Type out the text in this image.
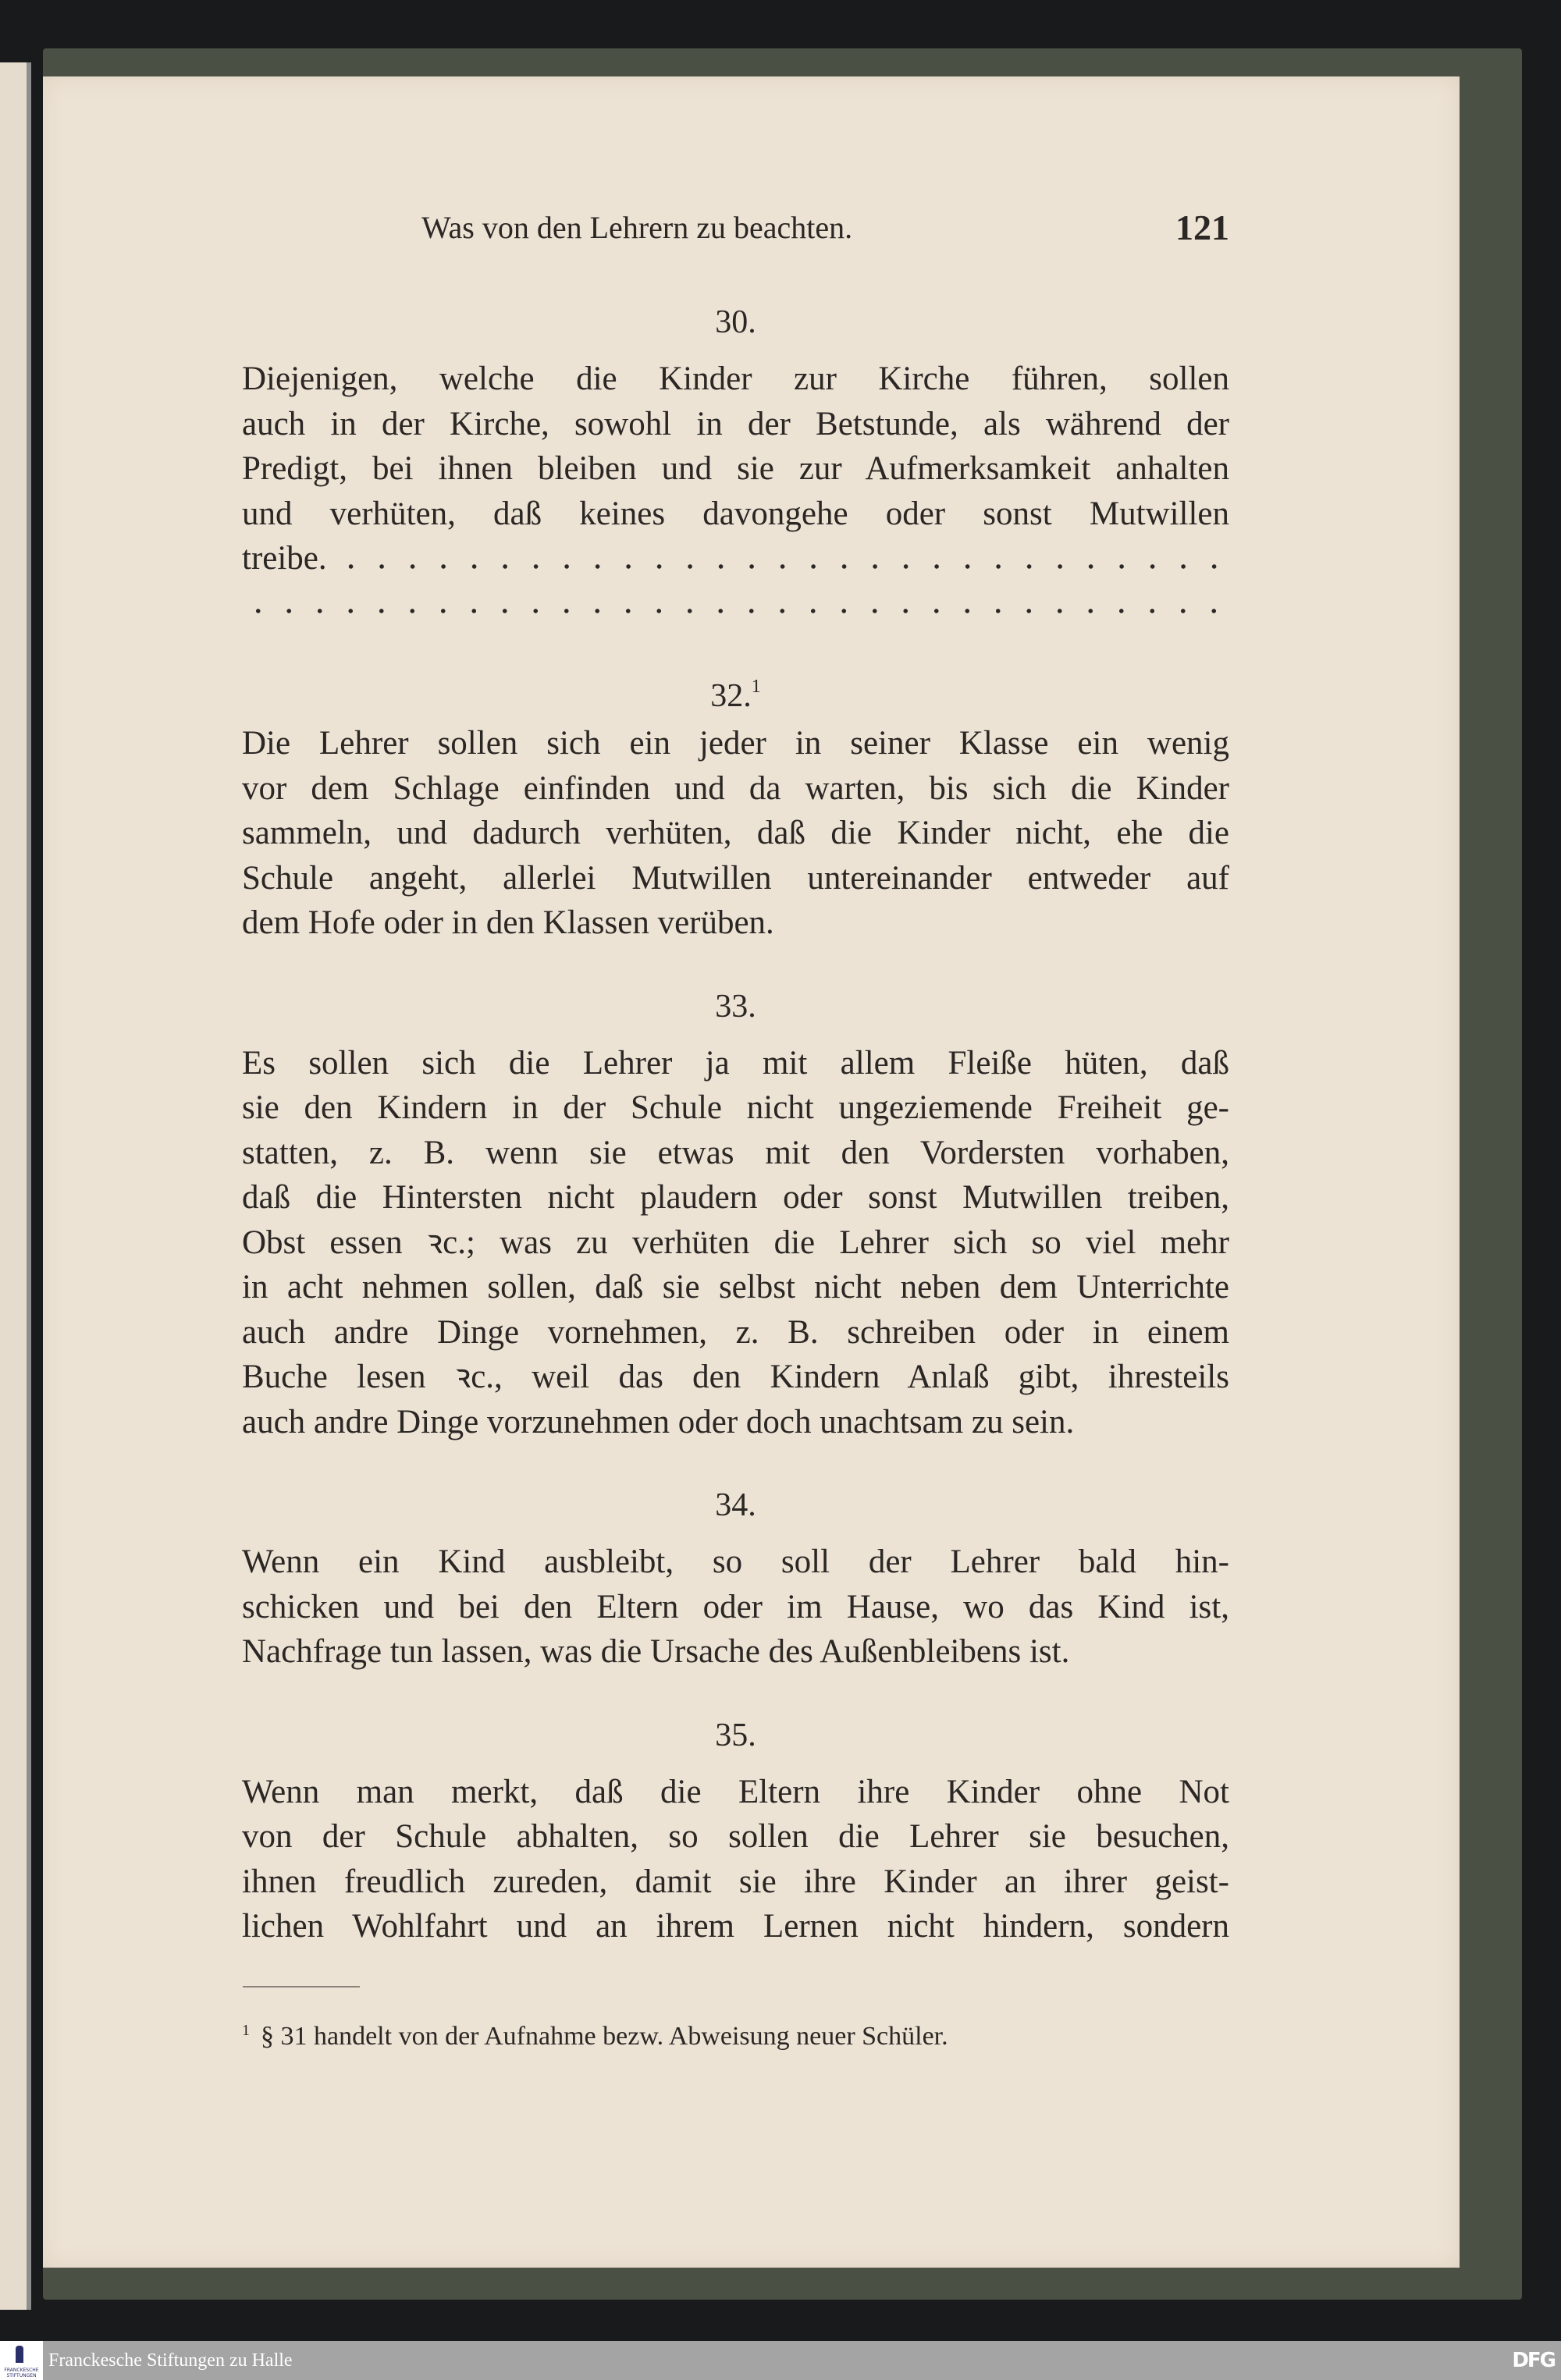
Was von den Lehrern zu beachten.	121
30.
Diejenigen, welche die Kinder zur Kirche führen, sollen
auch in der Kirche, sowohl in der Betstunde, als während der
Predigt, bei ihnen bleiben und sie zur Aufmerksamkeit anhalten
und verhüten, daß keines davongehe oder sonst Mutwillen
treibe.
32.$^1$
Die Lehrer sollen sich ein jeder in seiner Klasse ein wenig
vor dem Schlage einfinden und da warten, bis sich die Kinder
sammeln, und dadurch verhüten, daß die Kinder nicht, ehe die
Schule angeht, allerlei Mutwillen untereinander entweder auf
dem Hofe oder in den Klassen verüben.
33.
Es sollen sich die Lehrer ja mit allem Fleiße hüten, daß
sie den Kindern in der Schule nicht ungeziemende Freiheit ge-
statten, z. B. wenn sie etwas mit den Vordersten vorhaben,
daß die Hintersten nicht plaudern oder sonst Mutwillen treiben,
Obst essen ꝛc.; was zu verhüten die Lehrer sich so viel mehr
in acht nehmen sollen, daß sie selbst nicht neben dem Unterrichte
auch andre Dinge vornehmen, z. B. schreiben oder in einem
Buche lesen ꝛc., weil das den Kindern Anlaß gibt, ihresteils
auch andre Dinge vorzunehmen oder doch unachtsam zu sein.
34.
Wenn ein Kind ausbleibt, so soll der Lehrer bald hin-
schicken und bei den Eltern oder im Hause, wo das Kind ist,
Nachfrage tun lassen, was die Ursache des Außenbleibens ist.
35.
Wenn man merkt, daß die Eltern ihre Kinder ohne Not
von der Schule abhalten, so sollen die Lehrer sie besuchen,
ihnen freudlich zureden, damit sie ihre Kinder an ihrer geist-
lichen Wohlfahrt und an ihrem Lernen nicht hindern, sondern
$^1$ § 31 handelt von der Aufnahme bezw. Abweisung neuer Schüler.
FRANCKESCHE
STIFTUNGEN
Franckesche Stiftungen zu Halle	DFG
